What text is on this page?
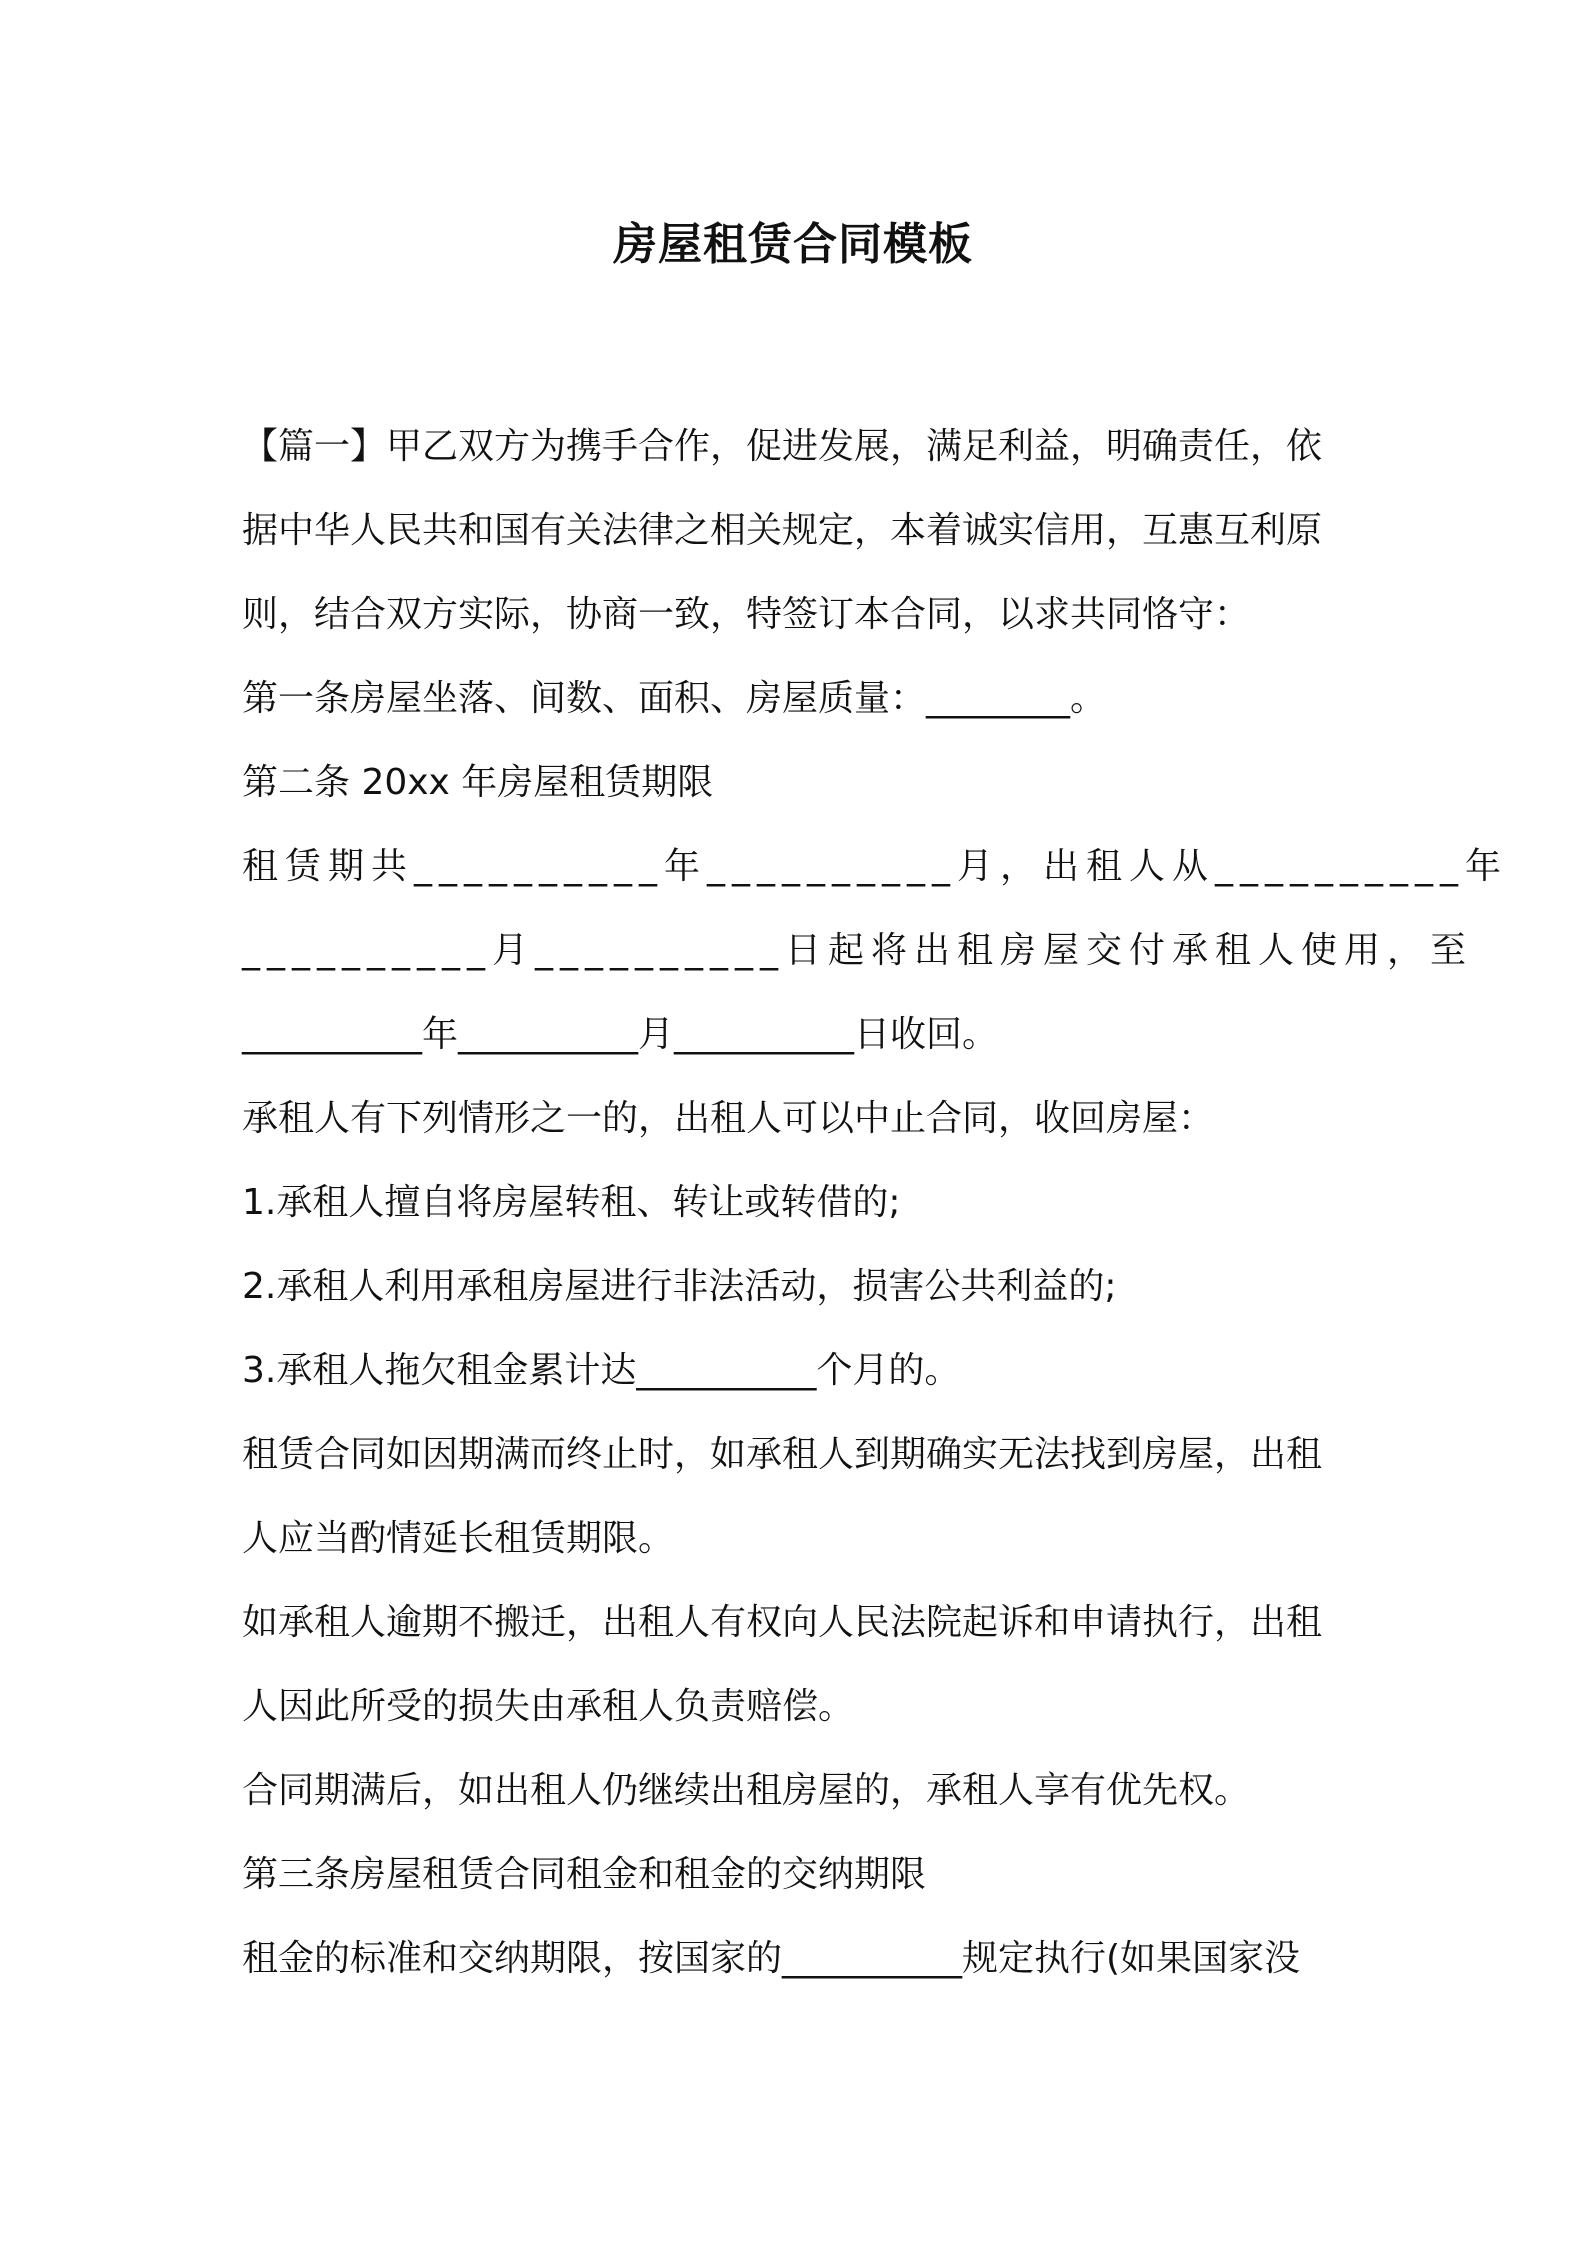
房屋租赁合同模板

【篇一】甲乙双方为携手合作，促进发展，满足利益，明确责任，依

据中华人民共和国有关法律之相关规定，本着诚实信用，互惠互利原

则，结合双方实际，协商一致，特签订本合同，以求共同恪守：

第一条房屋坐落、间数、面积、房屋质量：________。

第二条 20xx 年房屋租赁期限

租赁期共__________年__________月，出租人从__________年

__________月__________日起将出租房屋交付承租人使用，至

__________年__________月__________日收回。

承租人有下列情形之一的，出租人可以中止合同，收回房屋：

1.承租人擅自将房屋转租、转让或转借的;

2.承租人利用承租房屋进行非法活动，损害公共利益的;

3.承租人拖欠租金累计达__________个月的。

租赁合同如因期满而终止时，如承租人到期确实无法找到房屋，出租

人应当酌情延长租赁期限。

如承租人逾期不搬迁，出租人有权向人民法院起诉和申请执行，出租

人因此所受的损失由承租人负责赔偿。

合同期满后，如出租人仍继续出租房屋的，承租人享有优先权。

第三条房屋租赁合同租金和租金的交纳期限

租金的标准和交纳期限，按国家的__________规定执行(如果国家没
